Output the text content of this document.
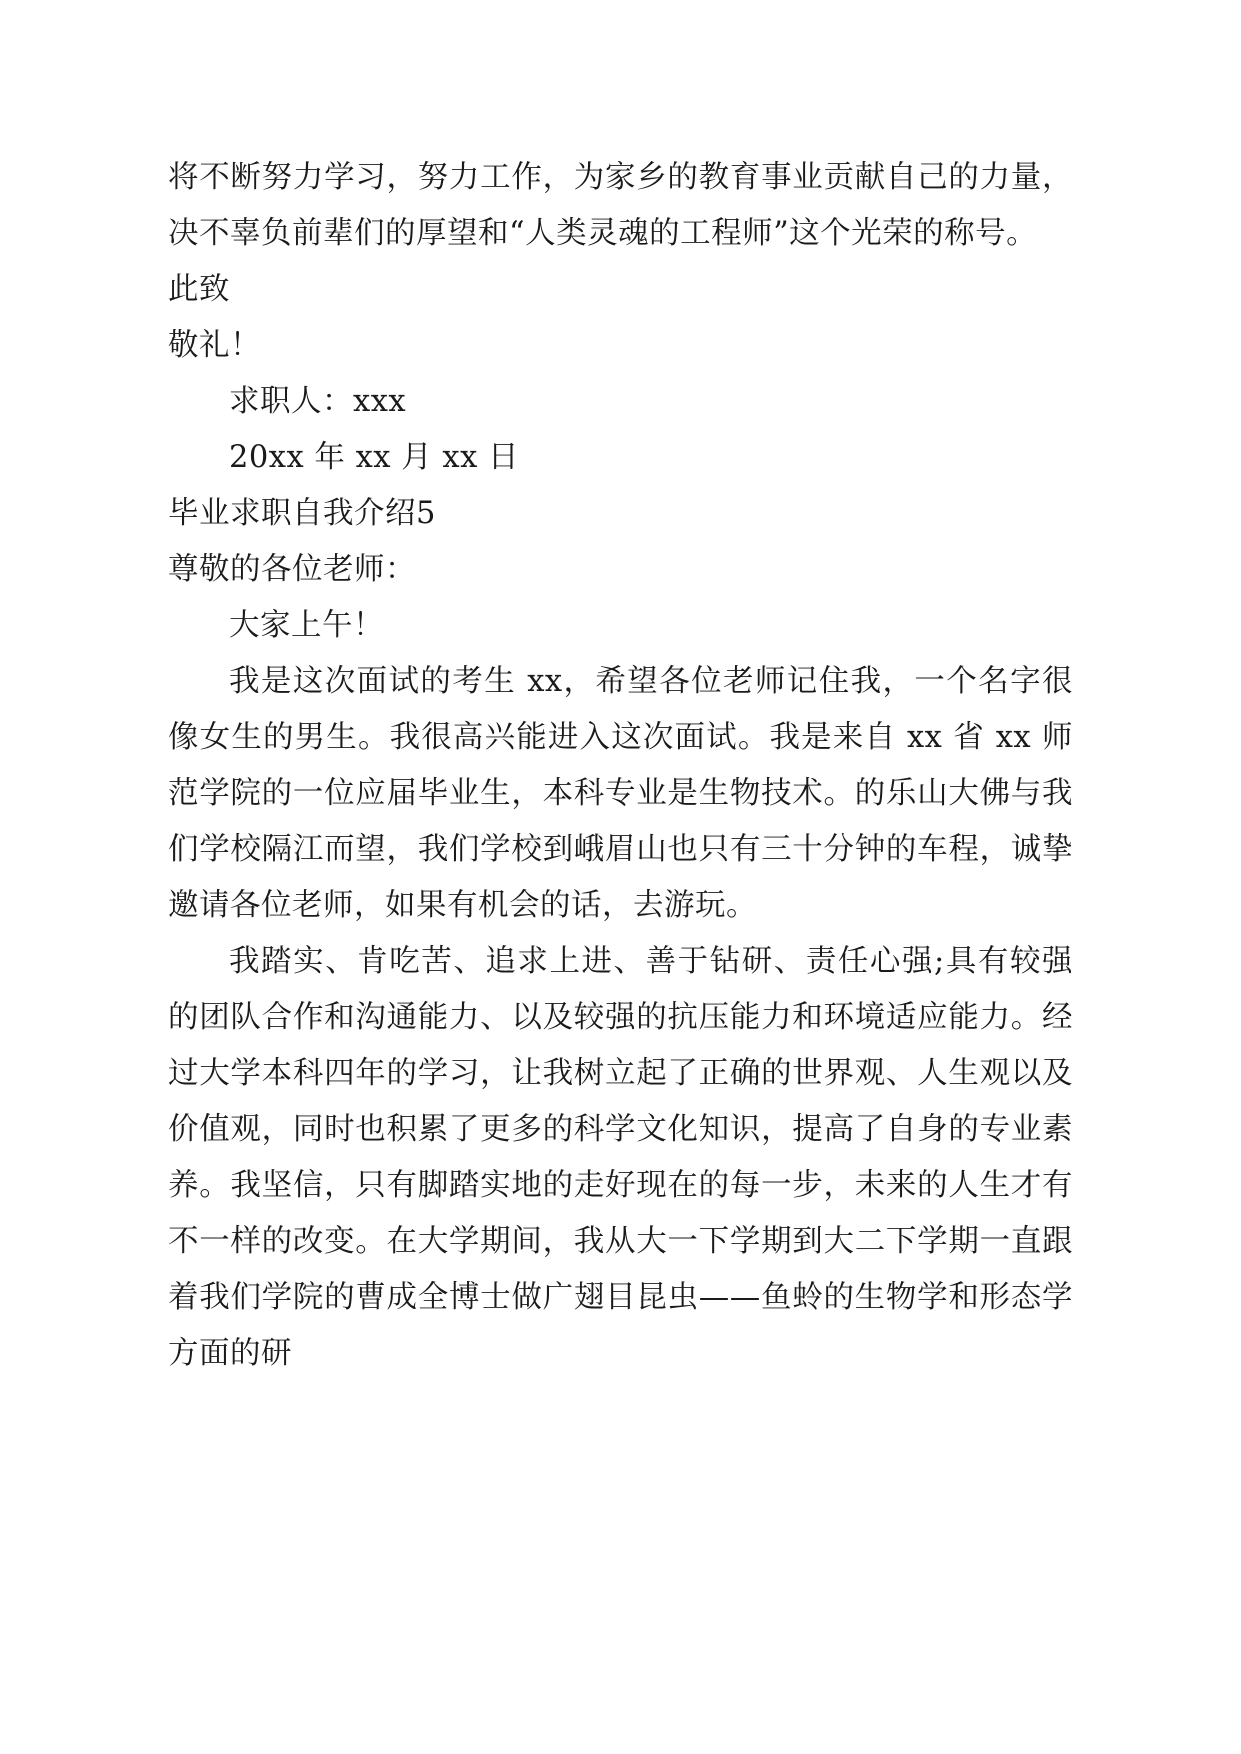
将不断努力学习，努力工作，为家乡的教育事业贡献自己的力量，决不辜负前辈们的厚望和“人类灵魂的工程师”这个光荣的称号。

此致

敬礼！

求职人：xxx

20xx 年 xx 月 xx 日

毕业求职自我介绍5

尊敬的各位老师：

大家上午！

我是这次面试的考生 xx，希望各位老师记住我，一个名字很像女生的男生。我很高兴能进入这次面试。我是来自 xx 省 xx 师范学院的一位应届毕业生，本科专业是生物技术。的乐山大佛与我们学校隔江而望，我们学校到峨眉山也只有三十分钟的车程，诚挚邀请各位老师，如果有机会的话，去游玩。

我踏实、肯吃苦、追求上进、善于钻研、责任心强;具有较强的团队合作和沟通能力、以及较强的抗压能力和环境适应能力。经过大学本科四年的学习，让我树立起了正确的世界观、人生观以及价值观，同时也积累了更多的科学文化知识，提高了自身的专业素养。我坚信，只有脚踏实地的走好现在的每一步，未来的人生才有不一样的改变。在大学期间，我从大一下学期到大二下学期一直跟着我们学院的曹成全博士做广翅目昆虫——鱼蛉的生物学和形态学方面的研
